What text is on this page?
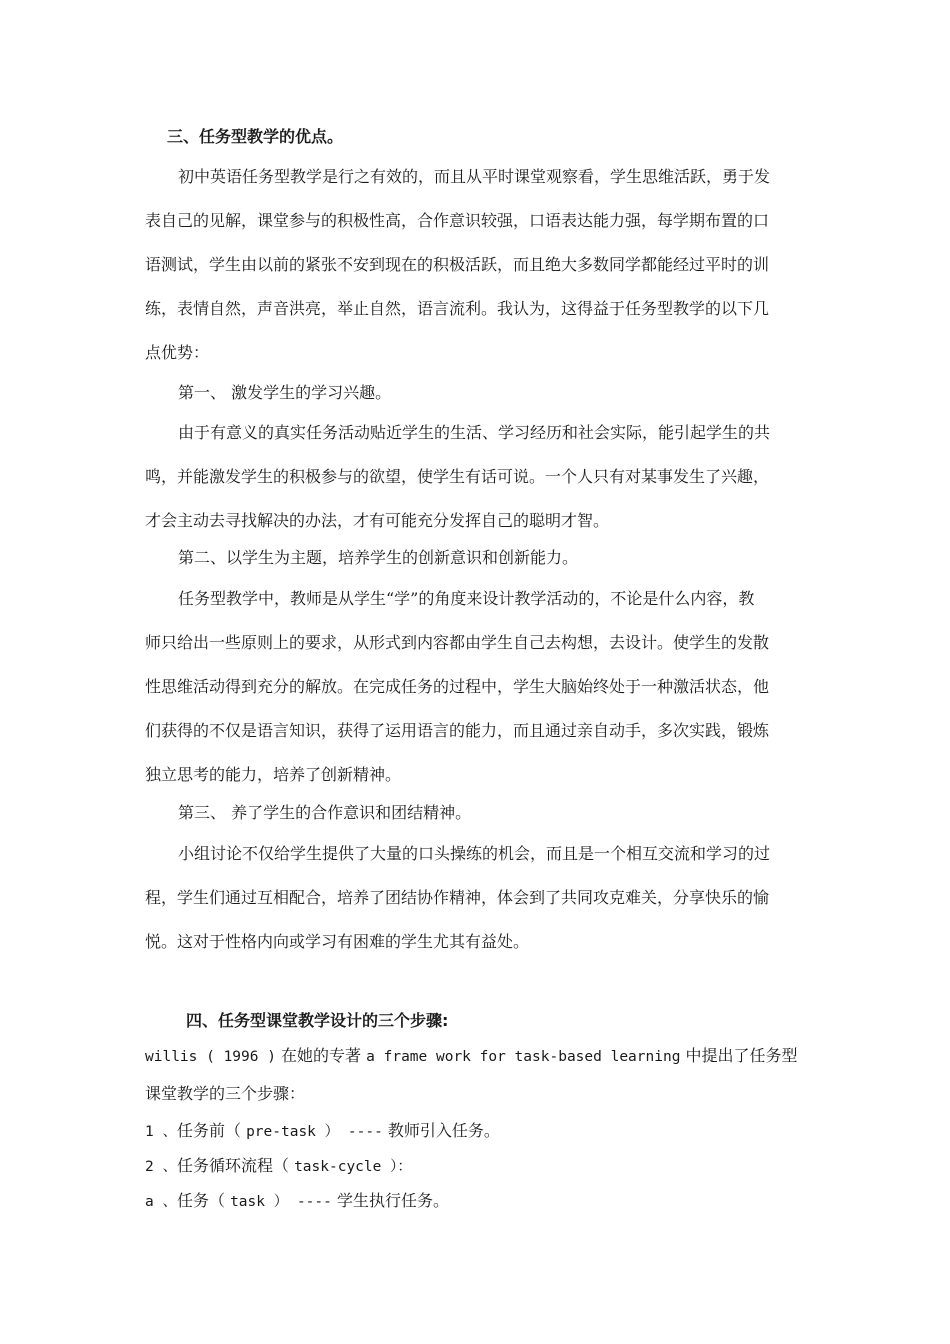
三、任务型教学的优点。
初中英语任务型教学是行之有效的，而且从平时课堂观察看，学生思维活跃，勇于发
表自己的见解，课堂参与的积极性高，合作意识较强，口语表达能力强，每学期布置的口
语测试，学生由以前的紧张不安到现在的积极活跃，而且绝大多数同学都能经过平时的训
练，表情自然，声音洪亮，举止自然，语言流利。我认为，这得益于任务型教学的以下几
点优势：
第一、 激发学生的学习兴趣。
由于有意义的真实任务活动贴近学生的生活、学习经历和社会实际，能引起学生的共
鸣，并能激发学生的积极参与的欲望，使学生有话可说。一个人只有对某事发生了兴趣，
才会主动去寻找解决的办法，才有可能充分发挥自己的聪明才智。
第二、以学生为主题，培养学生的创新意识和创新能力。
任务型教学中，教师是从学生“学”的角度来设计教学活动的，不论是什么内容，教
师只给出一些原则上的要求，从形式到内容都由学生自己去构想，去设计。使学生的发散
性思维活动得到充分的解放。在完成任务的过程中，学生大脑始终处于一种激活状态，他
们获得的不仅是语言知识，获得了运用语言的能力，而且通过亲自动手，多次实践，锻炼
独立思考的能力，培养了创新精神。
第三、 养了学生的合作意识和团结精神。
小组讨论不仅给学生提供了大量的口头操练的机会，而且是一个相互交流和学习的过
程，学生们通过互相配合，培养了团结协作精神，体会到了共同攻克难关，分享快乐的愉
悦。这对于性格内向或学习有困难的学生尤其有益处。
四、任务型课堂教学设计的三个步骤:
willis ( 1996 ) 在她的专著 a frame work for task-based learning 中提出了任务型
课堂教学的三个步骤：
1 、任务前（ pre-task ） ---- 教师引入任务。
2 、任务循环流程（ task-cycle ）：
a 、任务（ task ） ---- 学生执行任务。
